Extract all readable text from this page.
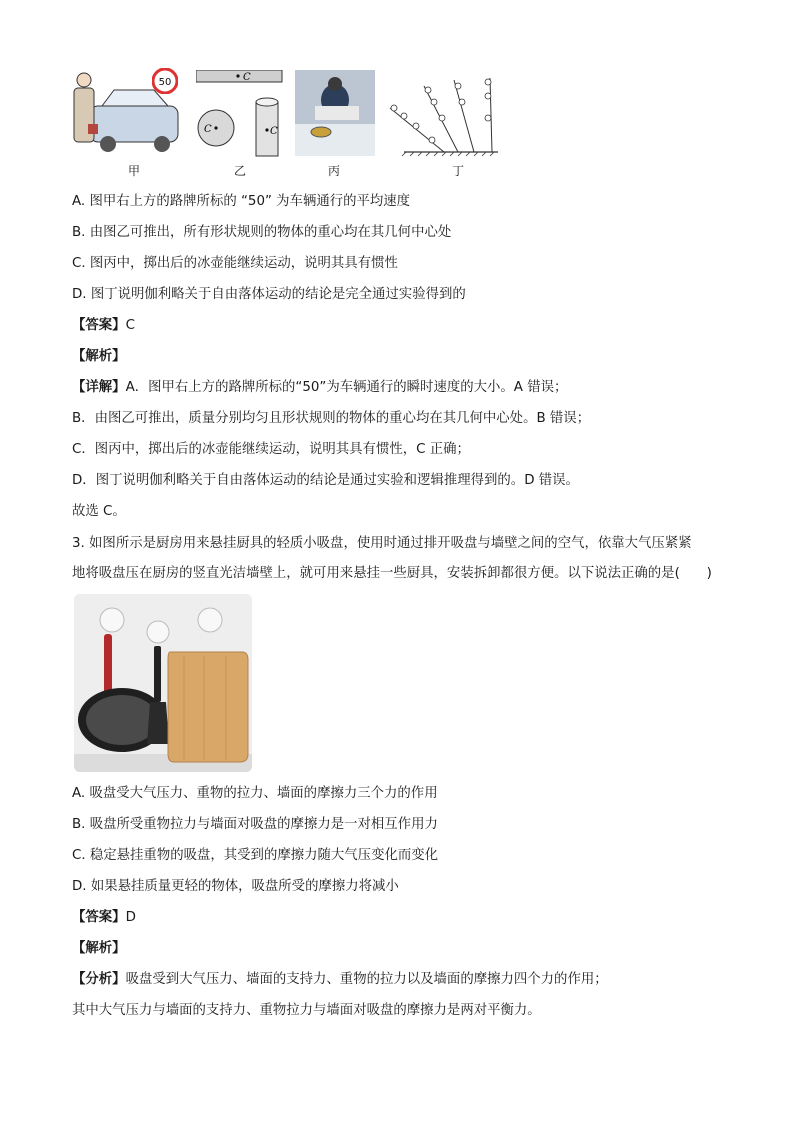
50	C
C	C
甲	乙	丙	丁
A. 图甲右上方的路牌所标的 “50” 为车辆通行的平均速度
B. 由图乙可推出，所有形状规则的物体的重心均在其几何中心处
C. 图丙中，掷出后的冰壶能继续运动，说明其具有惯性
D. 图丁说明伽利略关于自由落体运动的结论是完全通过实验得到的
【答案】C
【解析】
【详解】A．图甲右上方的路牌所标的“50”为车辆通行的瞬时速度的大小。A 错误；
B．由图乙可推出，质量分别均匀且形状规则的物体的重心均在其几何中心处。B 错误；
C．图丙中，掷出后的冰壶能继续运动，说明其具有惯性，C 正确；
D．图丁说明伽利略关于自由落体运动的结论是通过实验和逻辑推理得到的。D 错误。
故选 C。
3. 如图所示是厨房用来悬挂厨具的轻质小吸盘，使用时通过排开吸盘与墙壁之间的空气，依靠大气压紧紧
地将吸盘压在厨房的竖直光洁墙壁上，就可用来悬挂一些厨具，安装拆卸都很方便。以下说法正确的是(　　)
A. 吸盘受大气压力、重物的拉力、墙面的摩擦力三个力的作用
B. 吸盘所受重物拉力与墙面对吸盘的摩擦力是一对相互作用力
C. 稳定悬挂重物的吸盘，其受到的摩擦力随大气压变化而变化
D. 如果悬挂质量更轻的物体，吸盘所受的摩擦力将减小
【答案】D
【解析】
【分析】吸盘受到大气压力、墙面的支持力、重物的拉力以及墙面的摩擦力四个力的作用；
其中大气压力与墙面的支持力、重物拉力与墙面对吸盘的摩擦力是两对平衡力。
